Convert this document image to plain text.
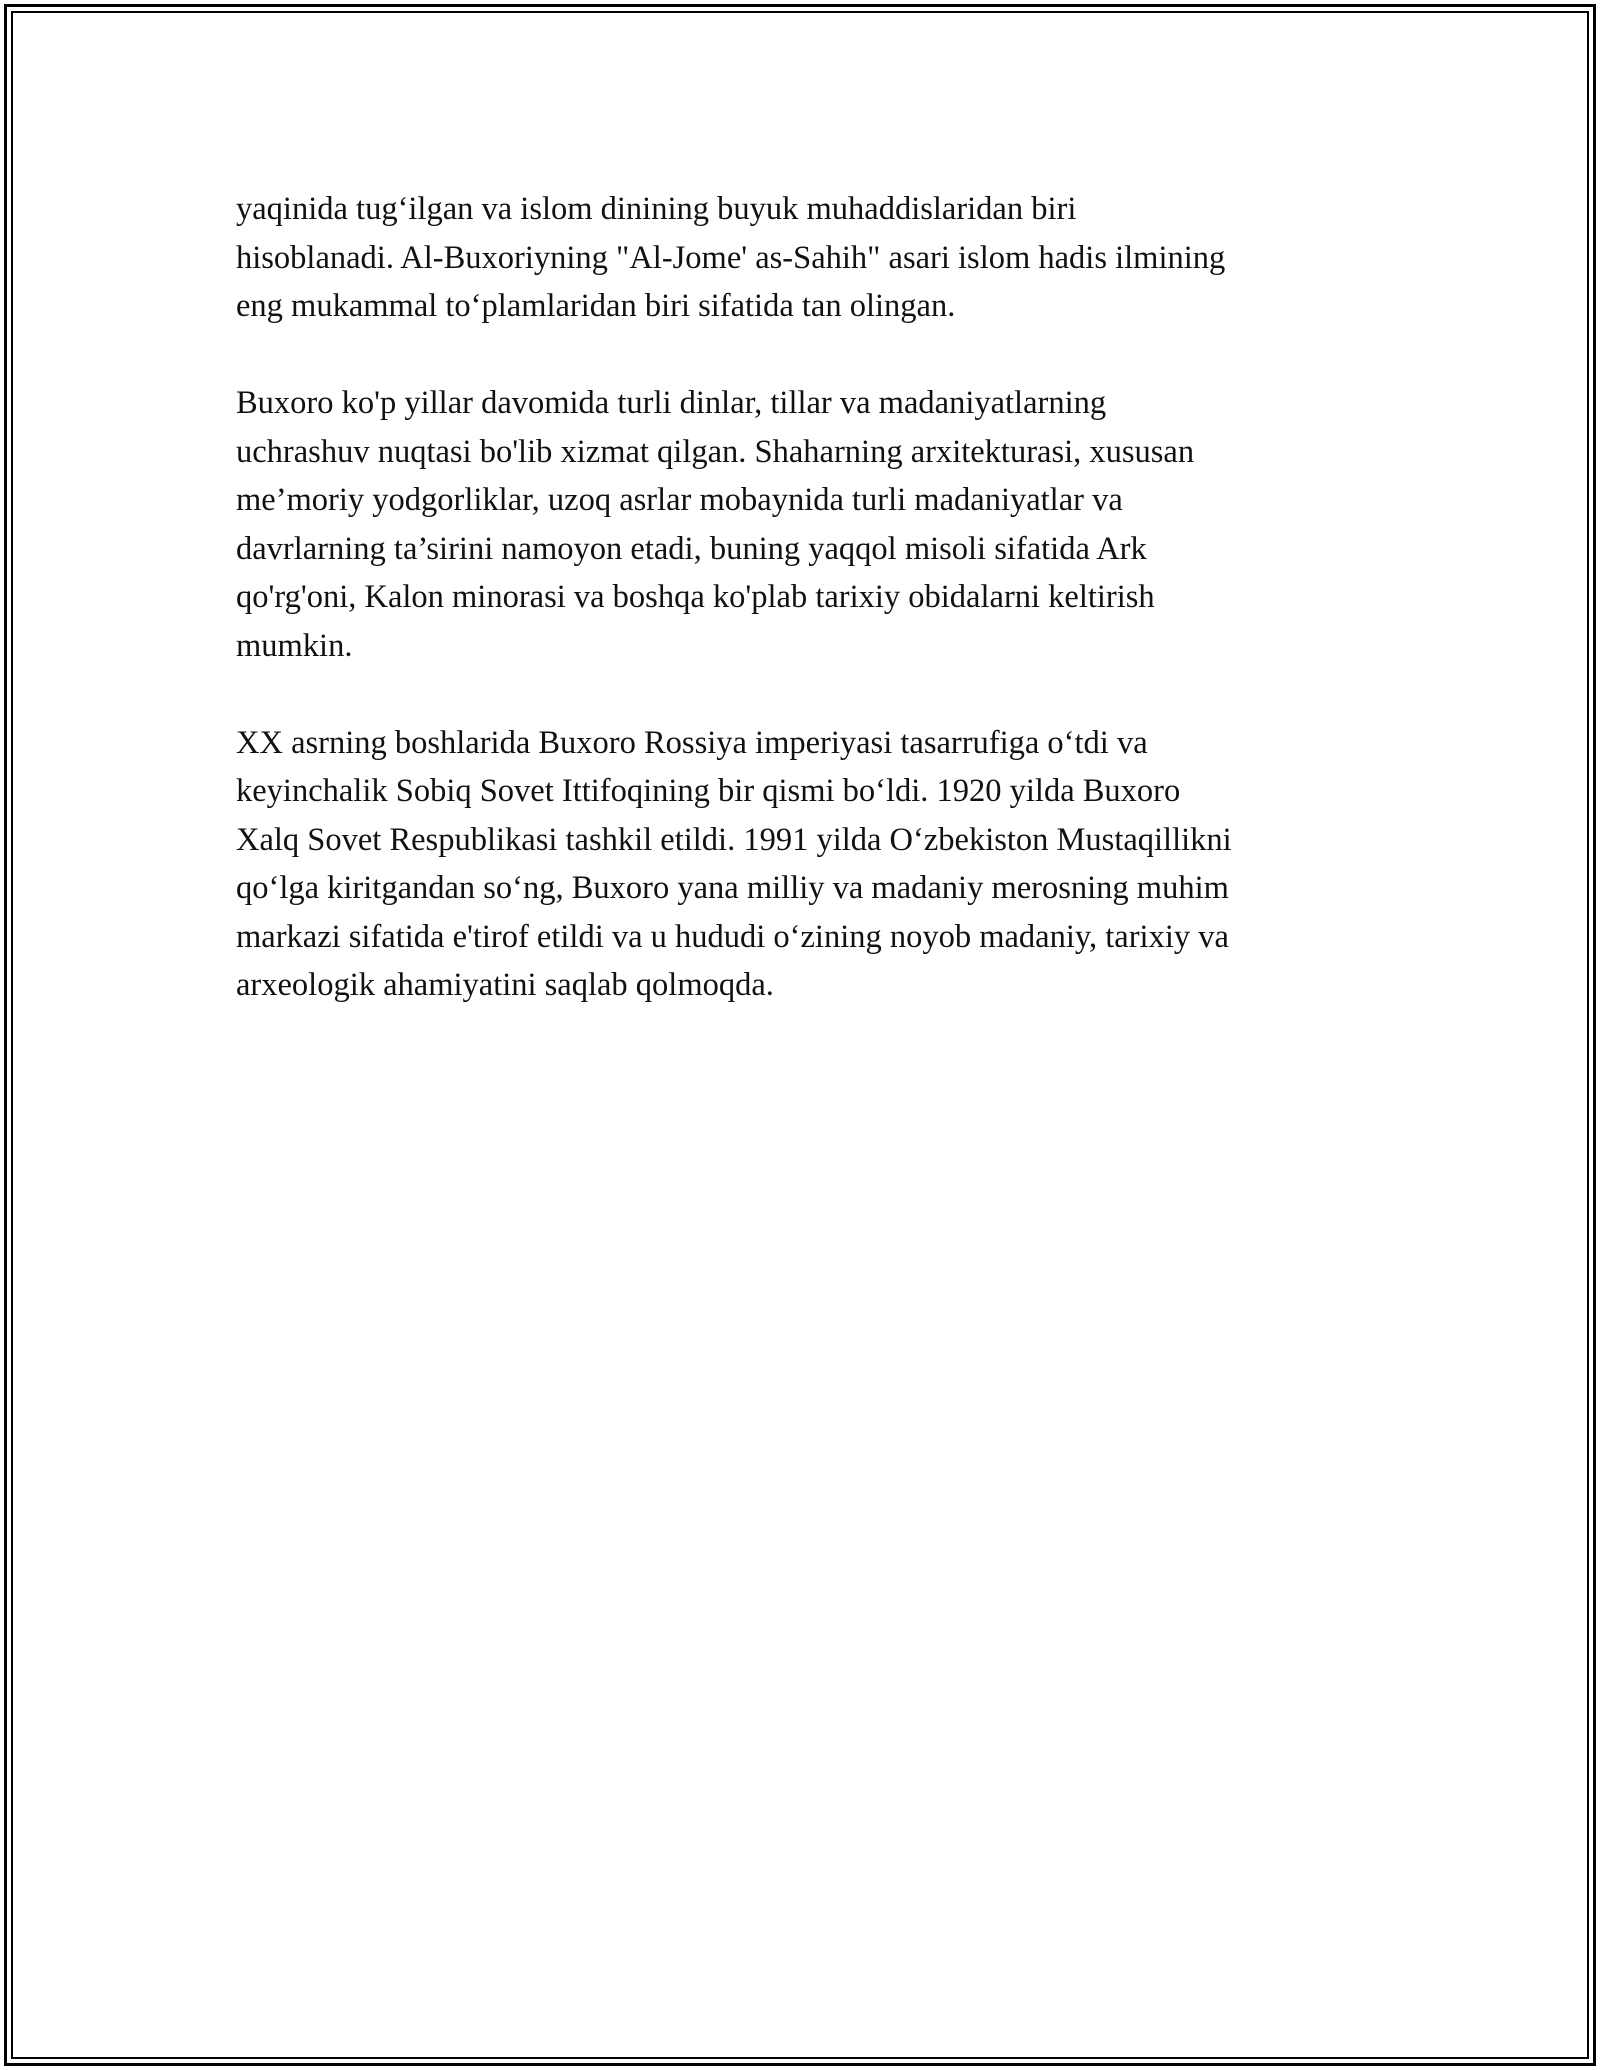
yaqinida tug‘ilgan va islom dinining buyuk muhaddislaridan biri
hisoblanadi. Al-Buxoriyning "Al-Jome' as-Sahih" asari islom hadis ilmining
eng mukammal to‘plamlaridan biri sifatida tan olingan.

Buxoro ko'p yillar davomida turli dinlar, tillar va madaniyatlarning
uchrashuv nuqtasi bo'lib xizmat qilgan. Shaharning arxitekturasi, xususan
me’moriy yodgorliklar, uzoq asrlar mobaynida turli madaniyatlar va
davrlarning ta’sirini namoyon etadi, buning yaqqol misoli sifatida Ark
qo'rg'oni, Kalon minorasi va boshqa ko'plab tarixiy obidalarni keltirish
mumkin.

XX asrning boshlarida Buxoro Rossiya imperiyasi tasarrufiga o‘tdi va
keyinchalik Sobiq Sovet Ittifoqining bir qismi bo‘ldi. 1920 yilda Buxoro
Xalq Sovet Respublikasi tashkil etildi. 1991 yilda O‘zbekiston Mustaqillikni
qo‘lga kiritgandan so‘ng, Buxoro yana milliy va madaniy merosning muhim
markazi sifatida e'tirof etildi va u hududi o‘zining noyob madaniy, tarixiy va
arxeologik ahamiyatini saqlab qolmoqda.
